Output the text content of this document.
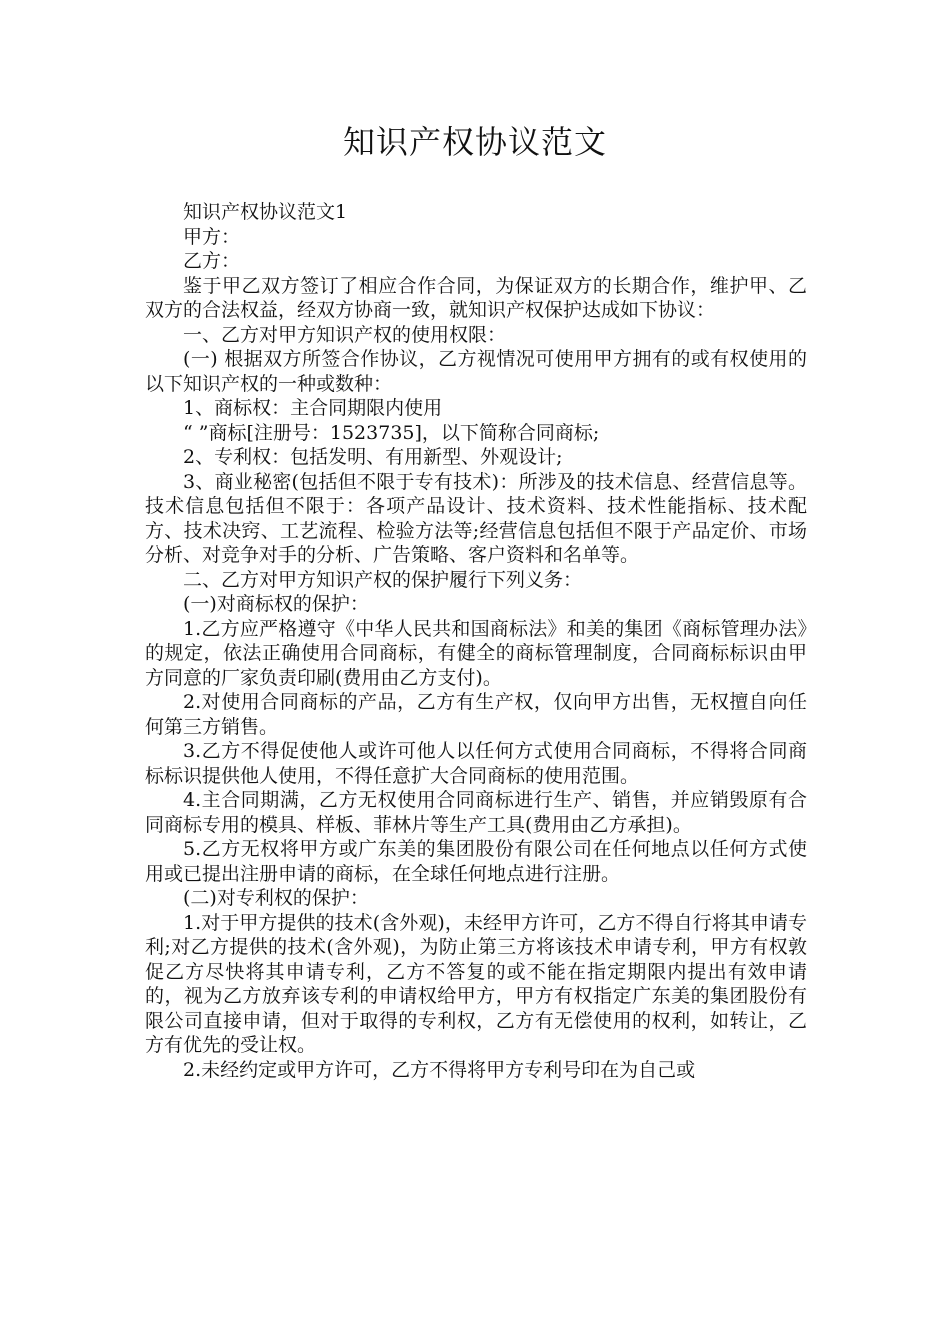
知识产权协议范文

知识产权协议范文1

甲方：

乙方：

鉴于甲乙双方签订了相应合作合同，为保证双方的长期合作，维护甲、乙双方的合法权益，经双方协商一致，就知识产权保护达成如下协议：

一、乙方对甲方知识产权的使用权限：

(一) 根据双方所签合作协议，乙方视情况可使用甲方拥有的或有权使用的以下知识产权的一种或数种：

1、商标权：主合同期限内使用

“ ”商标[注册号：1523735]，以下简称合同商标;

2、专利权：包括发明、有用新型、外观设计;

3、商业秘密(包括但不限于专有技术)：所涉及的技术信息、经营信息等。技术信息包括但不限于：各项产品设计、技术资料、技术性能指标、技术配方、技术决窍、工艺流程、检验方法等;经营信息包括但不限于产品定价、市场分析、对竞争对手的分析、广告策略、客户资料和名单等。

二、乙方对甲方知识产权的保护履行下列义务：

(一)对商标权的保护：

1.乙方应严格遵守《中华人民共和国商标法》和美的集团《商标管理办法》的规定，依法正确使用合同商标，有健全的商标管理制度，合同商标标识由甲方同意的厂家负责印刷(费用由乙方支付)。

2.对使用合同商标的产品，乙方有生产权，仅向甲方出售，无权擅自向任何第三方销售。

3.乙方不得促使他人或许可他人以任何方式使用合同商标，不得将合同商标标识提供他人使用，不得任意扩大合同商标的使用范围。

4.主合同期满，乙方无权使用合同商标进行生产、销售，并应销毁原有合同商标专用的模具、样板、菲林片等生产工具(费用由乙方承担)。

5.乙方无权将甲方或广东美的集团股份有限公司在任何地点以任何方式使用或已提出注册申请的商标，在全球任何地点进行注册。

(二)对专利权的保护：

1.对于甲方提供的技术(含外观)，未经甲方许可，乙方不得自行将其申请专利;对乙方提供的技术(含外观)，为防止第三方将该技术申请专利，甲方有权敦促乙方尽快将其申请专利，乙方不答复的或不能在指定期限内提出有效申请的，视为乙方放弃该专利的申请权给甲方，甲方有权指定广东美的集团股份有限公司直接申请，但对于取得的专利权，乙方有无偿使用的权利，如转让，乙方有优先的受让权。

2.未经约定或甲方许可，乙方不得将甲方专利号印在为自己或
